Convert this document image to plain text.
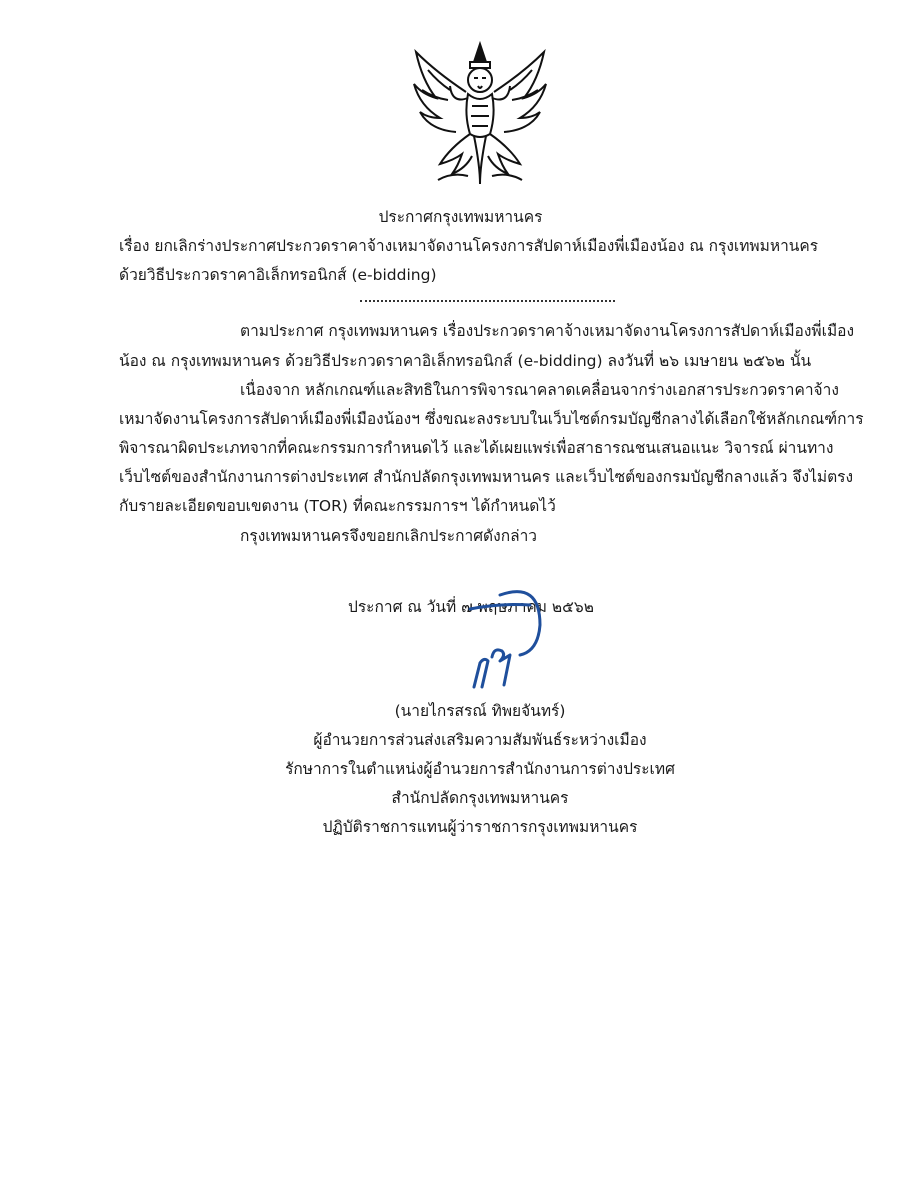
ประกาศกรุงเทพมหานคร
เรื่อง ยกเลิกร่างประกาศประกวดราคาจ้างเหมาจัดงานโครงการสัปดาห์เมืองพี่เมืองน้อง ณ กรุงเทพมหานคร
ด้วยวิธีประกวดราคาอิเล็กทรอนิกส์ (e-bidding)
ตามประกาศ กรุงเทพมหานคร เรื่องประกวดราคาจ้างเหมาจัดงานโครงการสัปดาห์เมืองพี่เมือง
น้อง ณ กรุงเทพมหานคร ด้วยวิธีประกวดราคาอิเล็กทรอนิกส์ (e-bidding) ลงวันที่ ๒๖ เมษายน ๒๕๖๒ นั้น
เนื่องจาก หลักเกณฑ์และสิทธิในการพิจารณาคลาดเคลื่อนจากร่างเอกสารประกวดราคาจ้าง
เหมาจัดงานโครงการสัปดาห์เมืองพี่เมืองน้องฯ ซึ่งขณะลงระบบในเว็บไซต์กรมบัญชีกลางได้เลือกใช้หลักเกณฑ์การ
พิจารณาผิดประเภทจากที่คณะกรรมการกำหนดไว้ และได้เผยแพร่เพื่อสาธารณชนเสนอแนะ วิจารณ์ ผ่านทาง
เว็บไซต์ของสำนักงานการต่างประเทศ สำนักปลัดกรุงเทพมหานคร และเว็บไซต์ของกรมบัญชีกลางแล้ว จึงไม่ตรง
กับรายละเอียดขอบเขตงาน (TOR) ที่คณะกรรมการฯ ได้กำหนดไว้
กรุงเทพมหานครจึงขอยกเลิกประกาศดังกล่าว
ประกาศ ณ วันที่ ๗ พฤษภาคม ๒๕๖๒
(นายไกรสรณ์ ทิพยจันทร์)
ผู้อำนวยการส่วนส่งเสริมความสัมพันธ์ระหว่างเมือง
รักษาการในตำแหน่งผู้อำนวยการสำนักงานการต่างประเทศ
สำนักปลัดกรุงเทพมหานคร
ปฏิบัติราชการแทนผู้ว่าราชการกรุงเทพมหานคร
